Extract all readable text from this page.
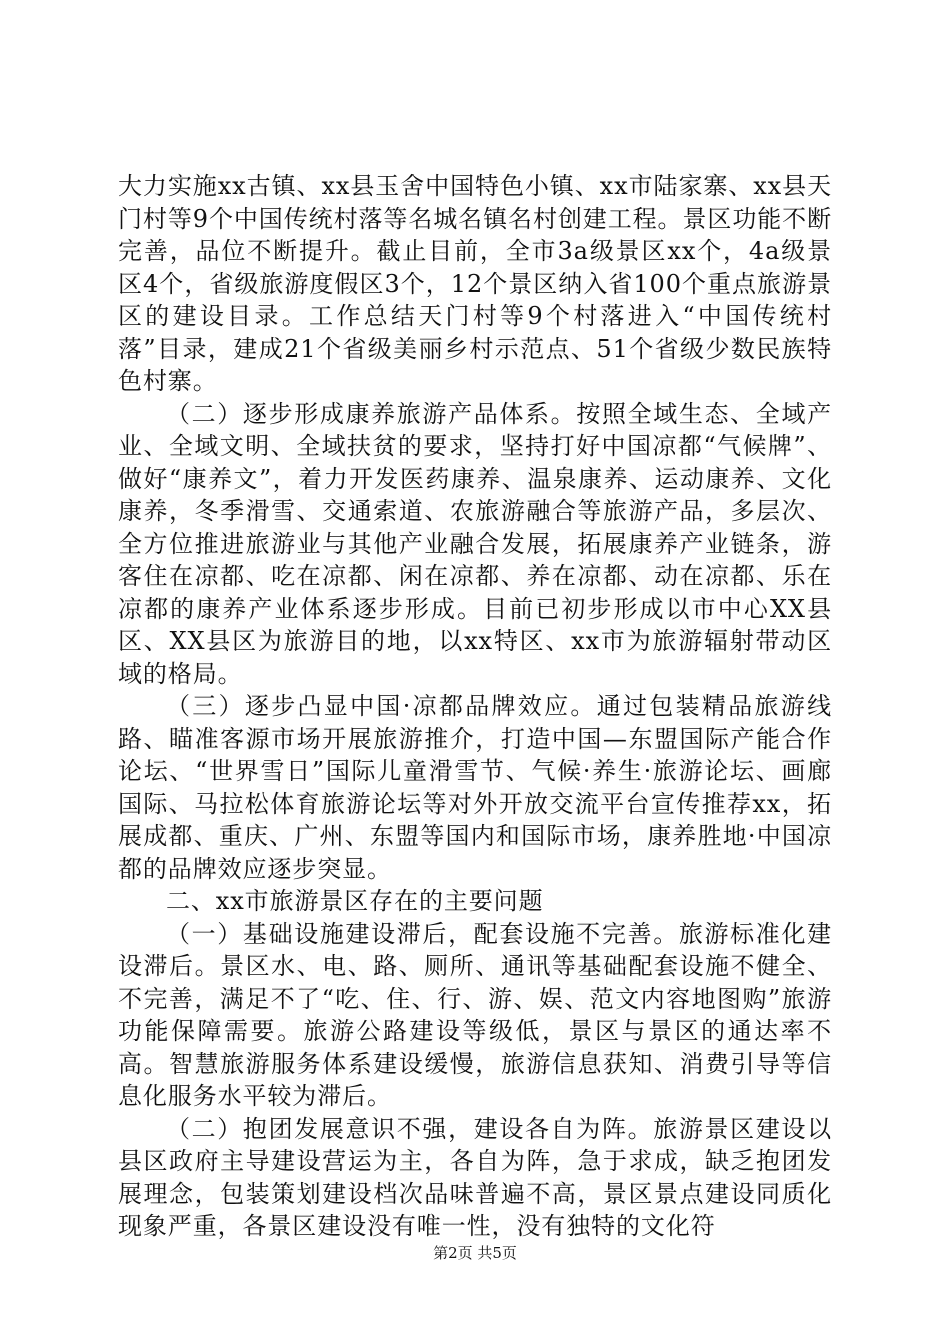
大力实施xx古镇、xx县玉舍中国特色小镇、xx市陆家寨、xx县天门村等9个中国传统村落等名城名镇名村创建工程。景区功能不断完善，品位不断提升。截止目前，全市3a级景区xx个，4a级景区4个，省级旅游度假区3个，12个景区纳入省100个重点旅游景区的建设目录。工作总结天门村等9个村落进入“中国传统村落”目录，建成21个省级美丽乡村示范点、51个省级少数民族特色村寨。

（二）逐步形成康养旅游产品体系。按照全域生态、全域产业、全域文明、全域扶贫的要求，坚持打好中国凉都“气候牌”、做好“康养文”，着力开发医药康养、温泉康养、运动康养、文化康养，冬季滑雪、交通索道、农旅游融合等旅游产品，多层次、全方位推进旅游业与其他产业融合发展，拓展康养产业链条，游客住在凉都、吃在凉都、闲在凉都、养在凉都、动在凉都、乐在凉都的康养产业体系逐步形成。目前已初步形成以市中心XX县区、XX县区为旅游目的地，以xx特区、xx市为旅游辐射带动区域的格局。

（三）逐步凸显中国·凉都品牌效应。通过包装精品旅游线路、瞄准客源市场开展旅游推介，打造中国—东盟国际产能合作论坛、“世界雪日”国际儿童滑雪节、气候·养生·旅游论坛、画廊国际、马拉松体育旅游论坛等对外开放交流平台宣传推荐xx，拓展成都、重庆、广州、东盟等国内和国际市场，康养胜地·中国凉都的品牌效应逐步突显。

二、xx市旅游景区存在的主要问题

（一）基础设施建设滞后，配套设施不完善。旅游标准化建设滞后。景区水、电、路、厕所、通讯等基础配套设施不健全、不完善，满足不了“吃、住、行、游、娱、范文内容地图购”旅游功能保障需要。旅游公路建设等级低，景区与景区的通达率不高。智慧旅游服务体系建设缓慢，旅游信息获知、消费引导等信息化服务水平较为滞后。

（二）抱团发展意识不强，建设各自为阵。旅游景区建设以县区政府主导建设营运为主，各自为阵，急于求成，缺乏抱团发展理念，包装策划建设档次品味普遍不高，景区景点建设同质化现象严重，各景区建设没有唯一性，没有独特的文化符

第2页 共5页
